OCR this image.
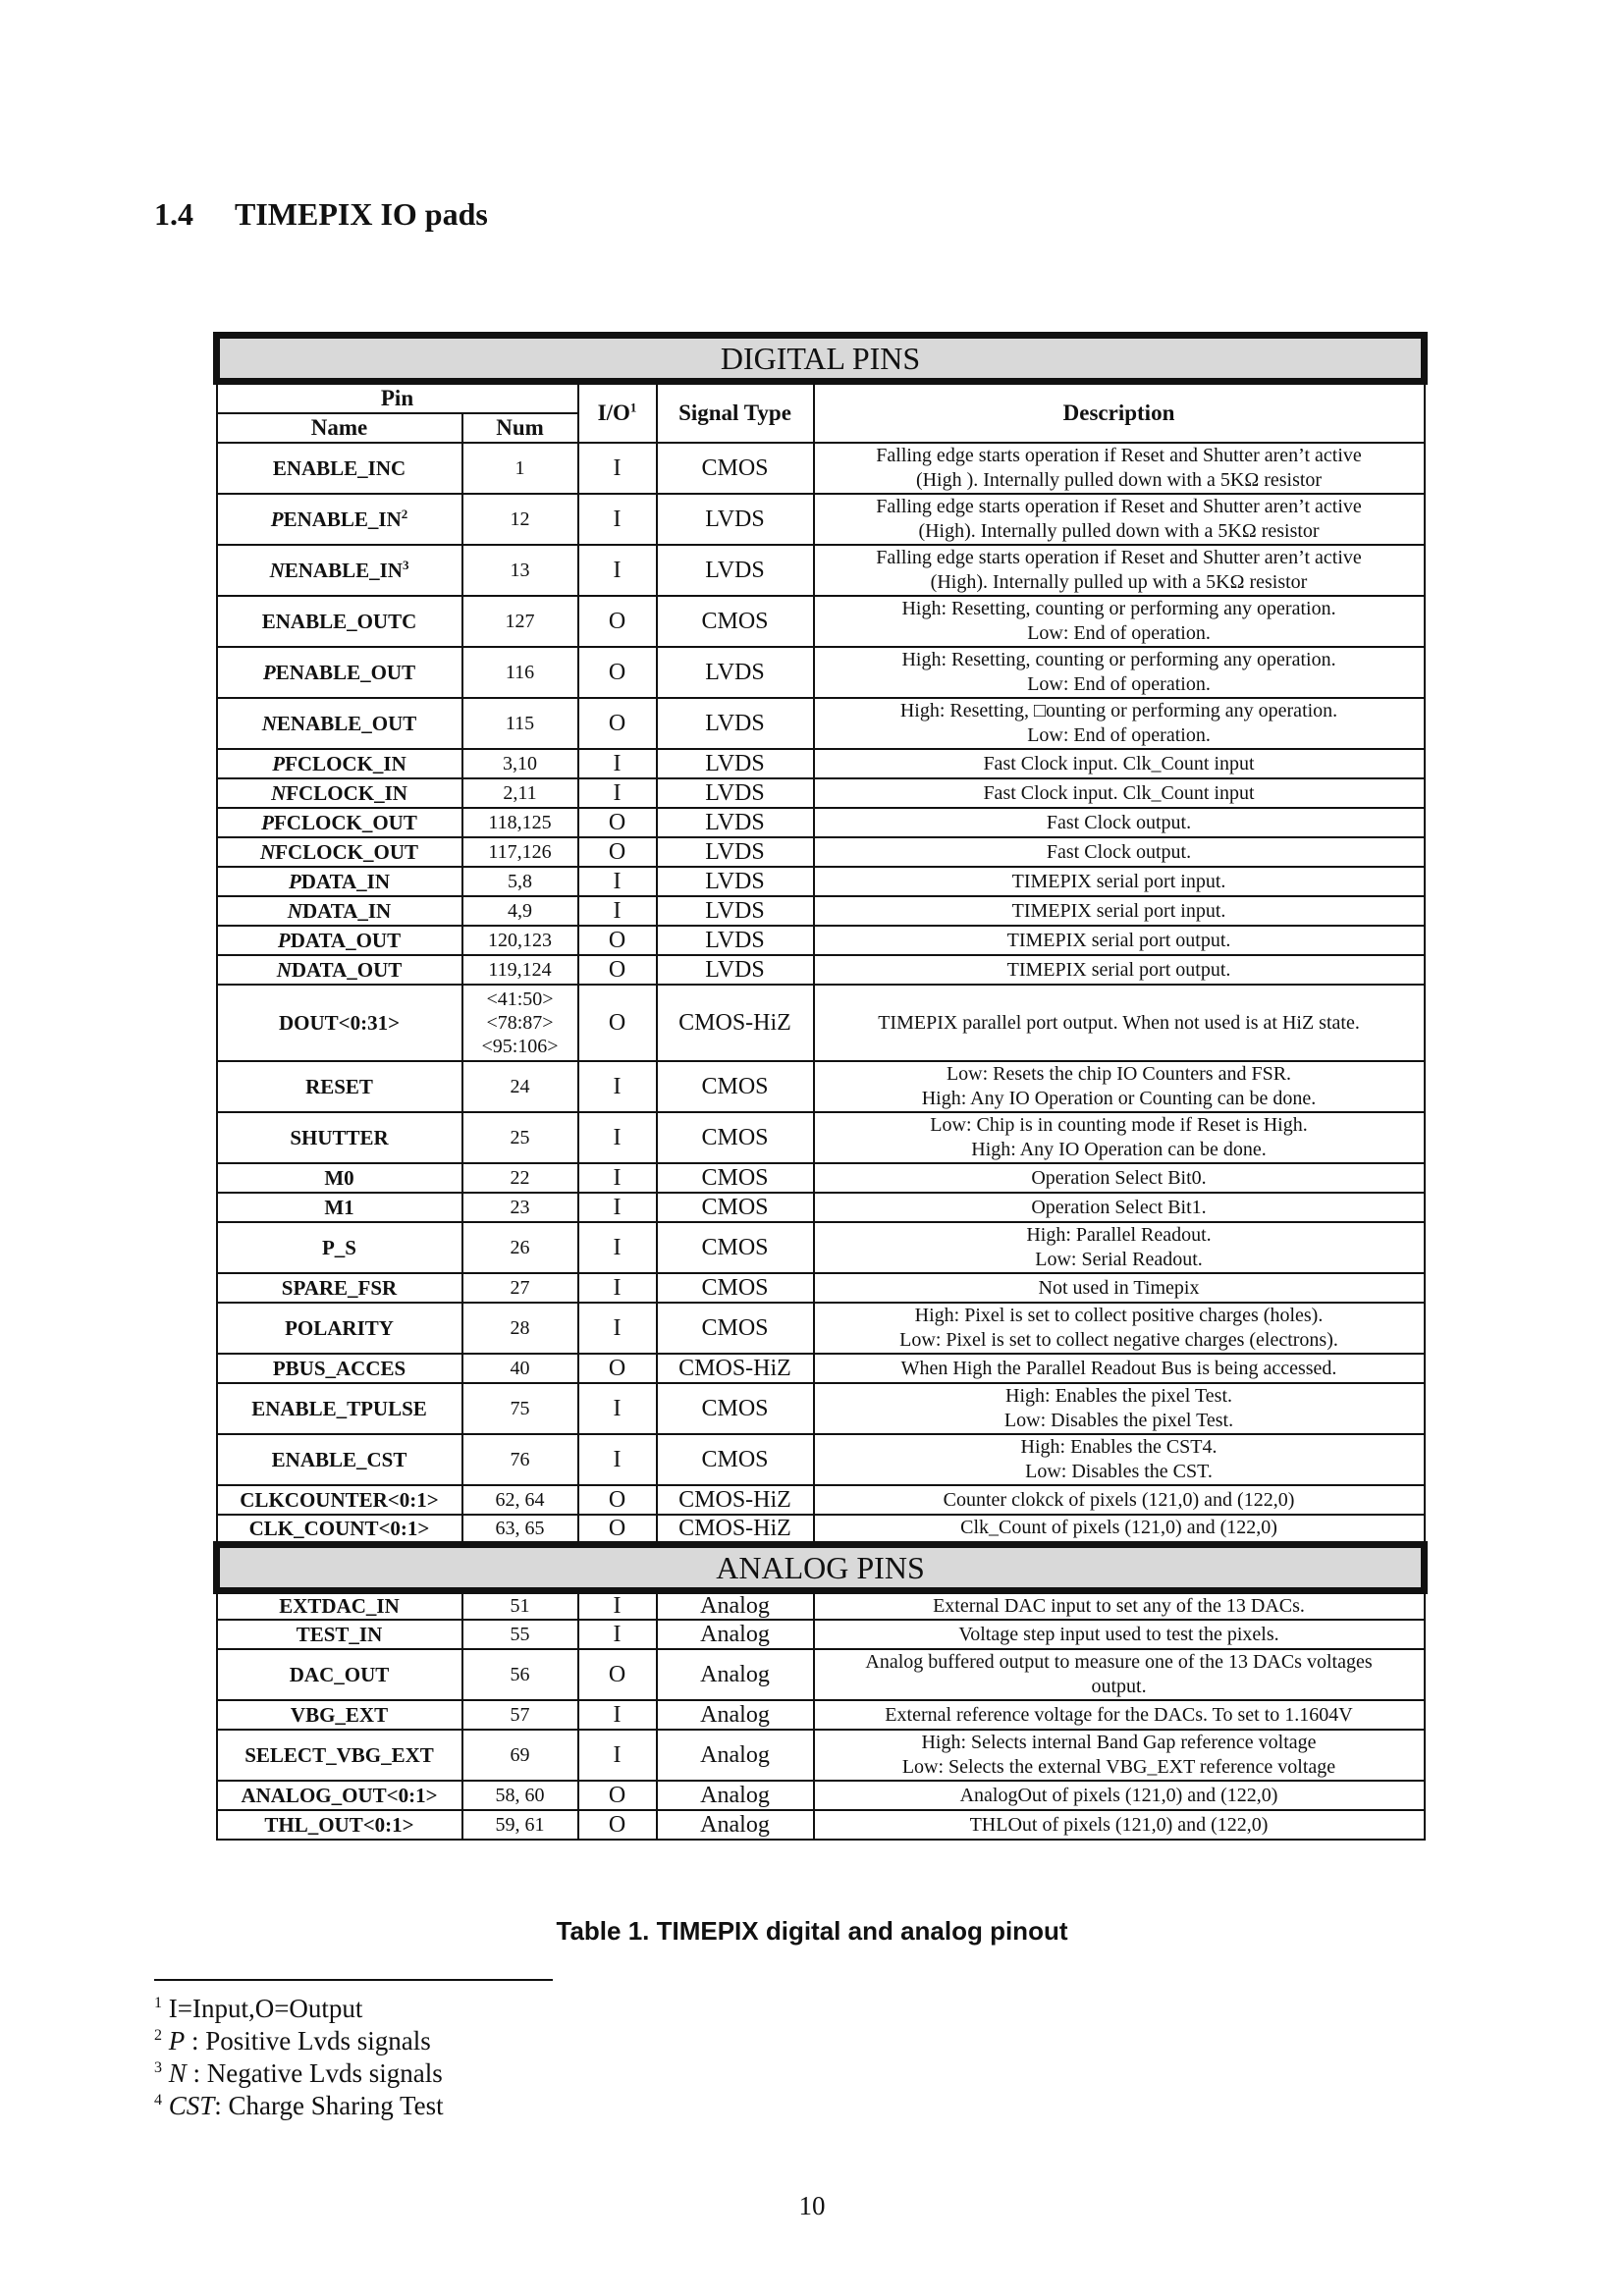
1.4 TIMEPIX IO pads
DIGITAL PINS				
Pin		$I/O^1$	Signal Type	Description
Name	Num			
ENABLE_INC	1	I	CMOS	Falling edge starts operation if Reset and Shutter aren’t active
(High ). Internally pulled down with a 5KΩ resistor

$PENABLE\_IN^2$	12	I	LVDS	Falling edge starts operation if Reset and Shutter aren’t active
(High). Internally pulled down with a 5KΩ resistor

$NENABLE\_IN^3$	13	I	LVDS	Falling edge starts operation if Reset and Shutter aren’t active
(High). Internally pulled up with a 5KΩ resistor

ENABLE_OUTC	127	O	CMOS	High: Resetting, counting or performing any operation.
Low: End of operation.

PENABLE_OUT	116	O	LVDS	High: Resetting, counting or performing any operation.
Low: End of operation.

NENABLE_OUT	115	O	LVDS	High: Resetting, □ounting or performing any operation.
Low: End of operation.

PFCLOCK_IN	3,10	I	LVDS	Fast Clock input. Clk_Count input

NFCLOCK_IN	2,11	I	LVDS	Fast Clock input. Clk_Count input

PFCLOCK_OUT	118,125	O	LVDS	Fast Clock output.

NFCLOCK_OUT	117,126	O	LVDS	Fast Clock output.

PDATA_IN	5,8	I	LVDS	TIMEPIX serial port input.

NDATA_IN	4,9	I	LVDS	TIMEPIX serial port input.

PDATA_OUT	120,123	O	LVDS	TIMEPIX serial port output.

NDATA_OUT	119,124	O	LVDS	TIMEPIX serial port output.

DOUT<0:31>	<41:50>
<78:87>
<95:106>	O	CMOS-HiZ	TIMEPIX parallel port output. When not used is at HiZ state.

RESET	24	I	CMOS	Low: Resets the chip IO Counters and FSR.
High: Any IO Operation or Counting can be done.

SHUTTER	25	I	CMOS	Low: Chip is in counting mode if Reset is High.
High: Any IO Operation can be done.

M0	22	I	CMOS	Operation Select Bit0.

M1	23	I	CMOS	Operation Select Bit1.

P_S	26	I	CMOS	High: Parallel Readout.
Low: Serial Readout.

SPARE_FSR	27	I	CMOS	Not used in Timepix

POLARITY	28	I	CMOS	High: Pixel is set to collect positive charges (holes).
Low: Pixel is set to collect negative charges (electrons).

PBUS_ACCES	40	O	CMOS-HiZ	When High the Parallel Readout Bus is being accessed.

ENABLE_TPULSE	75	I	CMOS	High: Enables the pixel Test.
Low: Disables the pixel Test.

ENABLE_CST	76	I	CMOS	High: Enables the CST4.
Low: Disables the CST.

CLKCOUNTER<0:1>	62, 64	O	CMOS-HiZ	Counter clokck of pixels (121,0) and (122,0)

CLK_COUNT<0:1>	63, 65	O	CMOS-HiZ	Clk_Count of pixels (121,0) and (122,0)

ANALOG PINS				
EXTDAC_IN	51	I	Analog	External DAC input to set any of the 13 DACs.

TEST_IN	55	I	Analog	Voltage step input used to test the pixels.

DAC_OUT	56	O	Analog	Analog buffered output to measure one of the 13 DACs voltages
output.

VBG_EXT	57	I	Analog	External reference voltage for the DACs. To set to 1.1604V

SELECT_VBG_EXT	69	I	Analog	High: Selects internal Band Gap reference voltage
Low: Selects the external VBG_EXT reference voltage

ANALOG_OUT<0:1>	58, 60	O	Analog	AnalogOut of pixels (121,0) and (122,0)

THL_OUT<0:1>	59, 61	O	Analog	THLOut of pixels (121,0) and (122,0)
Table 1. TIMEPIX digital and analog pinout
$^1$ I=Input,O=Output
$^2$ P : Positive Lvds signals
$^3$ N : Negative Lvds signals
$^4$ CST: Charge Sharing Test
10
